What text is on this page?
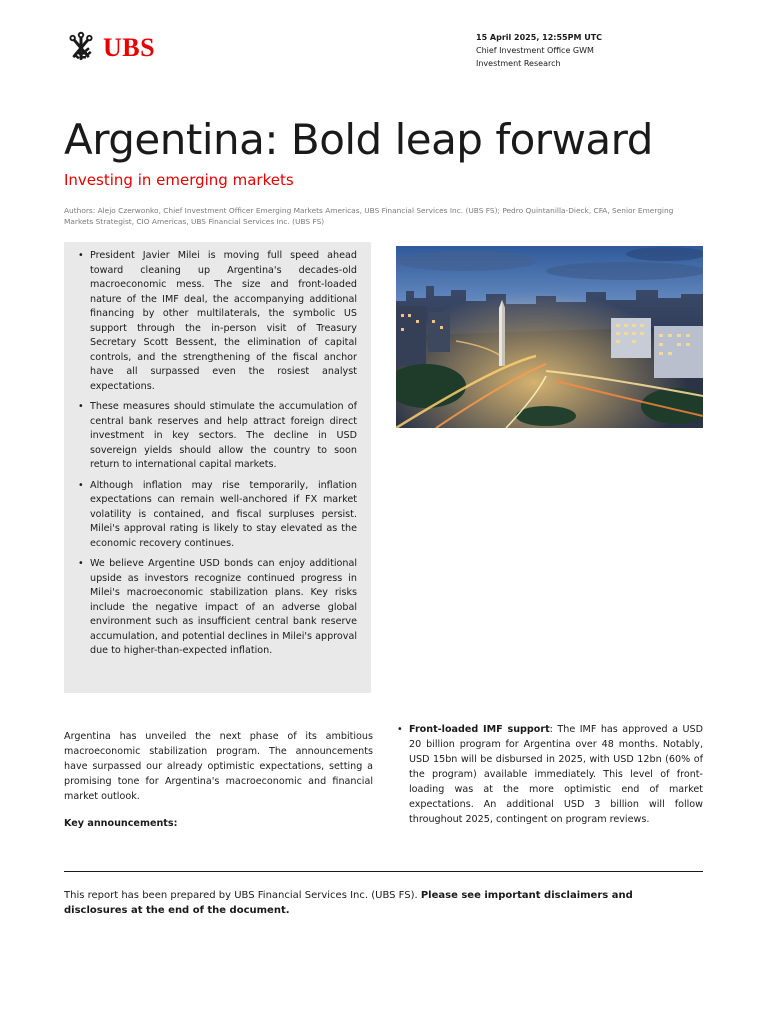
UBS	15 April 2025, 12:55PM UTC
Chief Investment Office GWM
Investment Research
Argentina: Bold leap forward
Investing in emerging markets
Authors: Alejo Czerwonko, Chief Investment Officer Emerging Markets Americas, UBS Financial Services Inc. (UBS FS); Pedro Quintanilla-Dieck, CFA, Senior Emerging Markets Strategist, CIO Americas, UBS Financial Services Inc. (UBS FS)
• President Javier Milei is moving full speed ahead toward cleaning up Argentina's decades-old macroeconomic mess. The size and front-loaded nature of the IMF deal, the accompanying additional financing by other multilaterals, the symbolic US support through the in-person visit of Treasury Secretary Scott Bessent, the elimination of capital controls, and the strengthening of the fiscal anchor have all surpassed even the rosiest analyst expectations.
• These measures should stimulate the accumulation of central bank reserves and help attract foreign direct investment in key sectors. The decline in USD sovereign yields should allow the country to soon return to international capital markets.
• Although inflation may rise temporarily, inflation expectations can remain well-anchored if FX market volatility is contained, and fiscal surpluses persist. Milei's approval rating is likely to stay elevated as the economic recovery continues.
• We believe Argentine USD bonds can enjoy additional upside as investors recognize continued progress in Milei's macroeconomic stabilization plans. Key risks include the negative impact of an adverse global environment such as insufficient central bank reserve accumulation, and potential declines in Milei's approval due to higher-than-expected inflation.
Argentina has unveiled the next phase of its ambitious macroeconomic stabilization program. The announcements have surpassed our already optimistic expectations, setting a promising tone for Argentina's macroeconomic and financial market outlook.
Key announcements:
• Front-loaded IMF support: The IMF has approved a USD 20 billion program for Argentina over 48 months. Notably, USD 15bn will be disbursed in 2025, with USD 12bn (60% of the program) available immediately. This level of front-loading was at the more optimistic end of market expectations. An additional USD 3 billion will follow throughout 2025, contingent on program reviews.
This report has been prepared by UBS Financial Services Inc. (UBS FS). Please see important disclaimers and disclosures at the end of the document.
